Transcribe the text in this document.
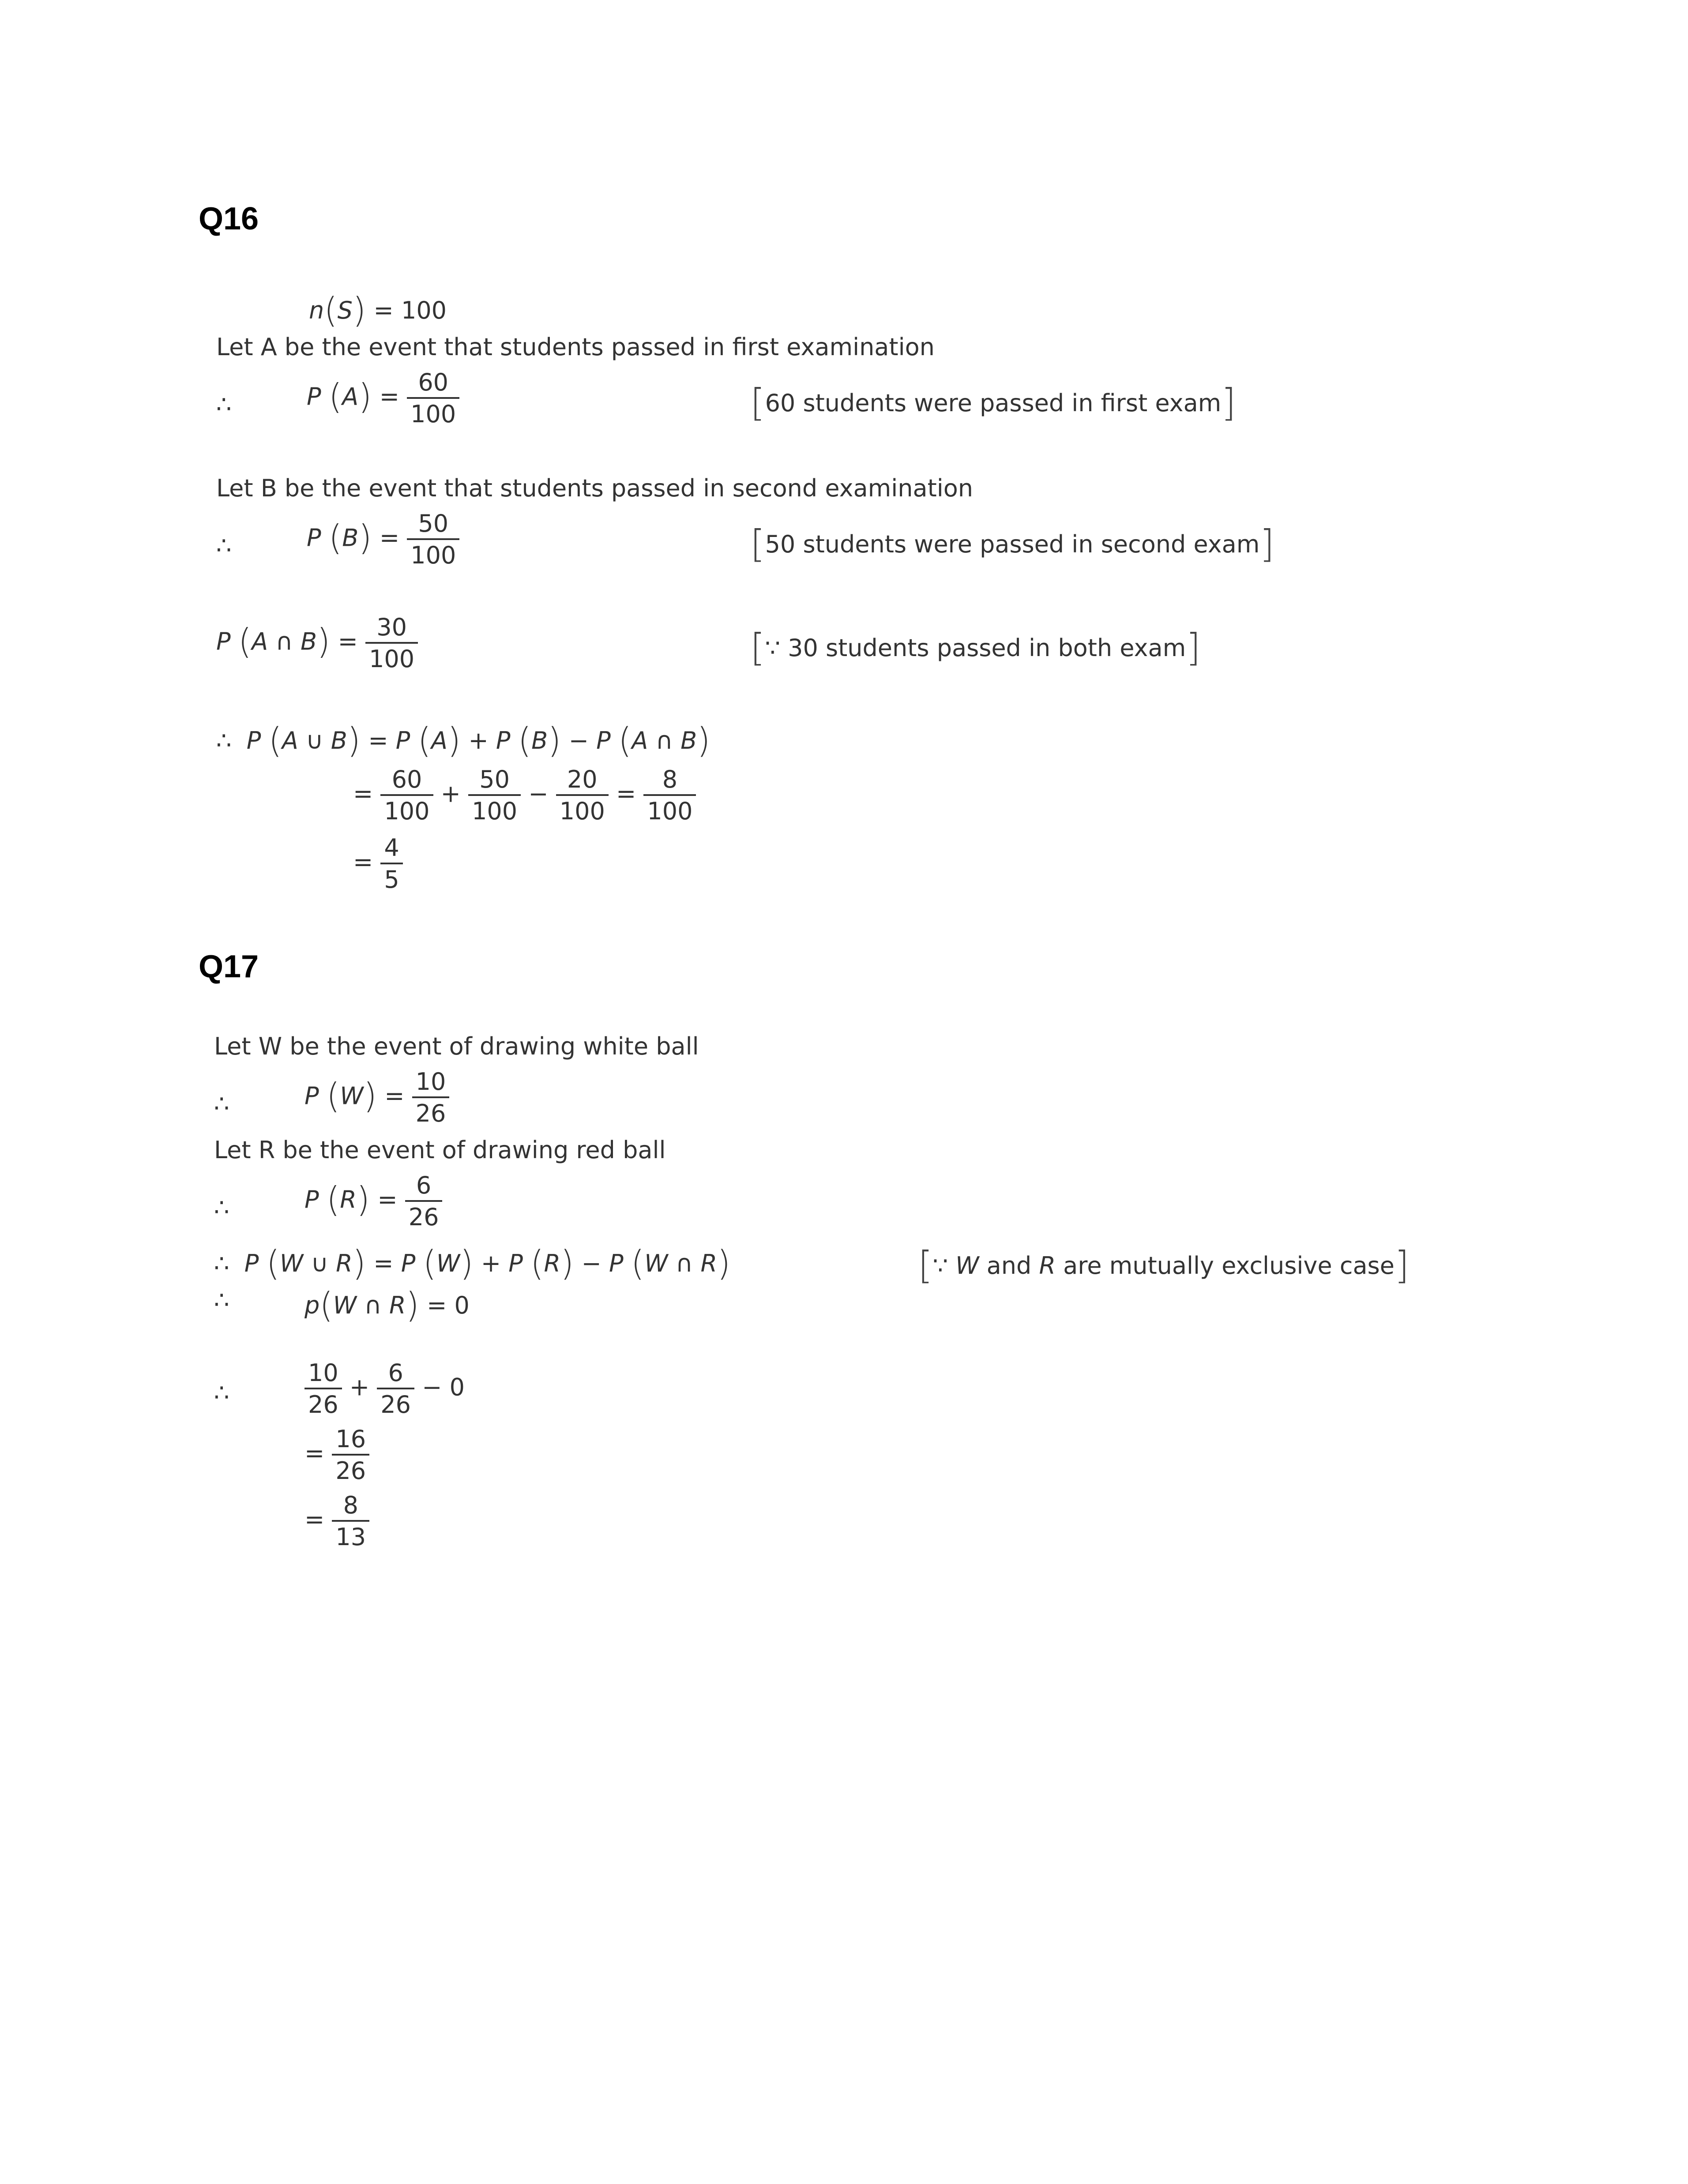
Q16
n(S) = 100
Let A be the event that students passed in first examination
∴	P $(A) = \frac{60}{100}$	[60 students were passed in first exam]
Let B be the event that students passed in second examination
∴	P $(B) = \frac{50}{100}$	[50 students were passed in second exam]
P (A ∩ $B) = \frac{30}{100}$	[∵ 30 students passed in both exam]
∴  P (A ∪ B) = P (A) + P (B) − P (A ∩ B)
= $\frac{60}{100} + \frac{50}{100} - \frac{20}{100} = \frac{8}{100}$
= $\frac{4}{5}$
Q17
Let W be the event of drawing white ball
∴	P $(W) = \frac{10}{26}$
Let R be the event of drawing red ball
∴	P $(R) = \frac{6}{26}$
∴  P (W ∪ R) = P (W) + P (R) − P (W ∩ R)	[∵ W and R are mutually exclusive case]
∴	p(W ∩ R) = 0
∴	$\frac{10}{26} + \frac{6}{26} - 0$
= $\frac{16}{26}$
= $\frac{8}{13}$
